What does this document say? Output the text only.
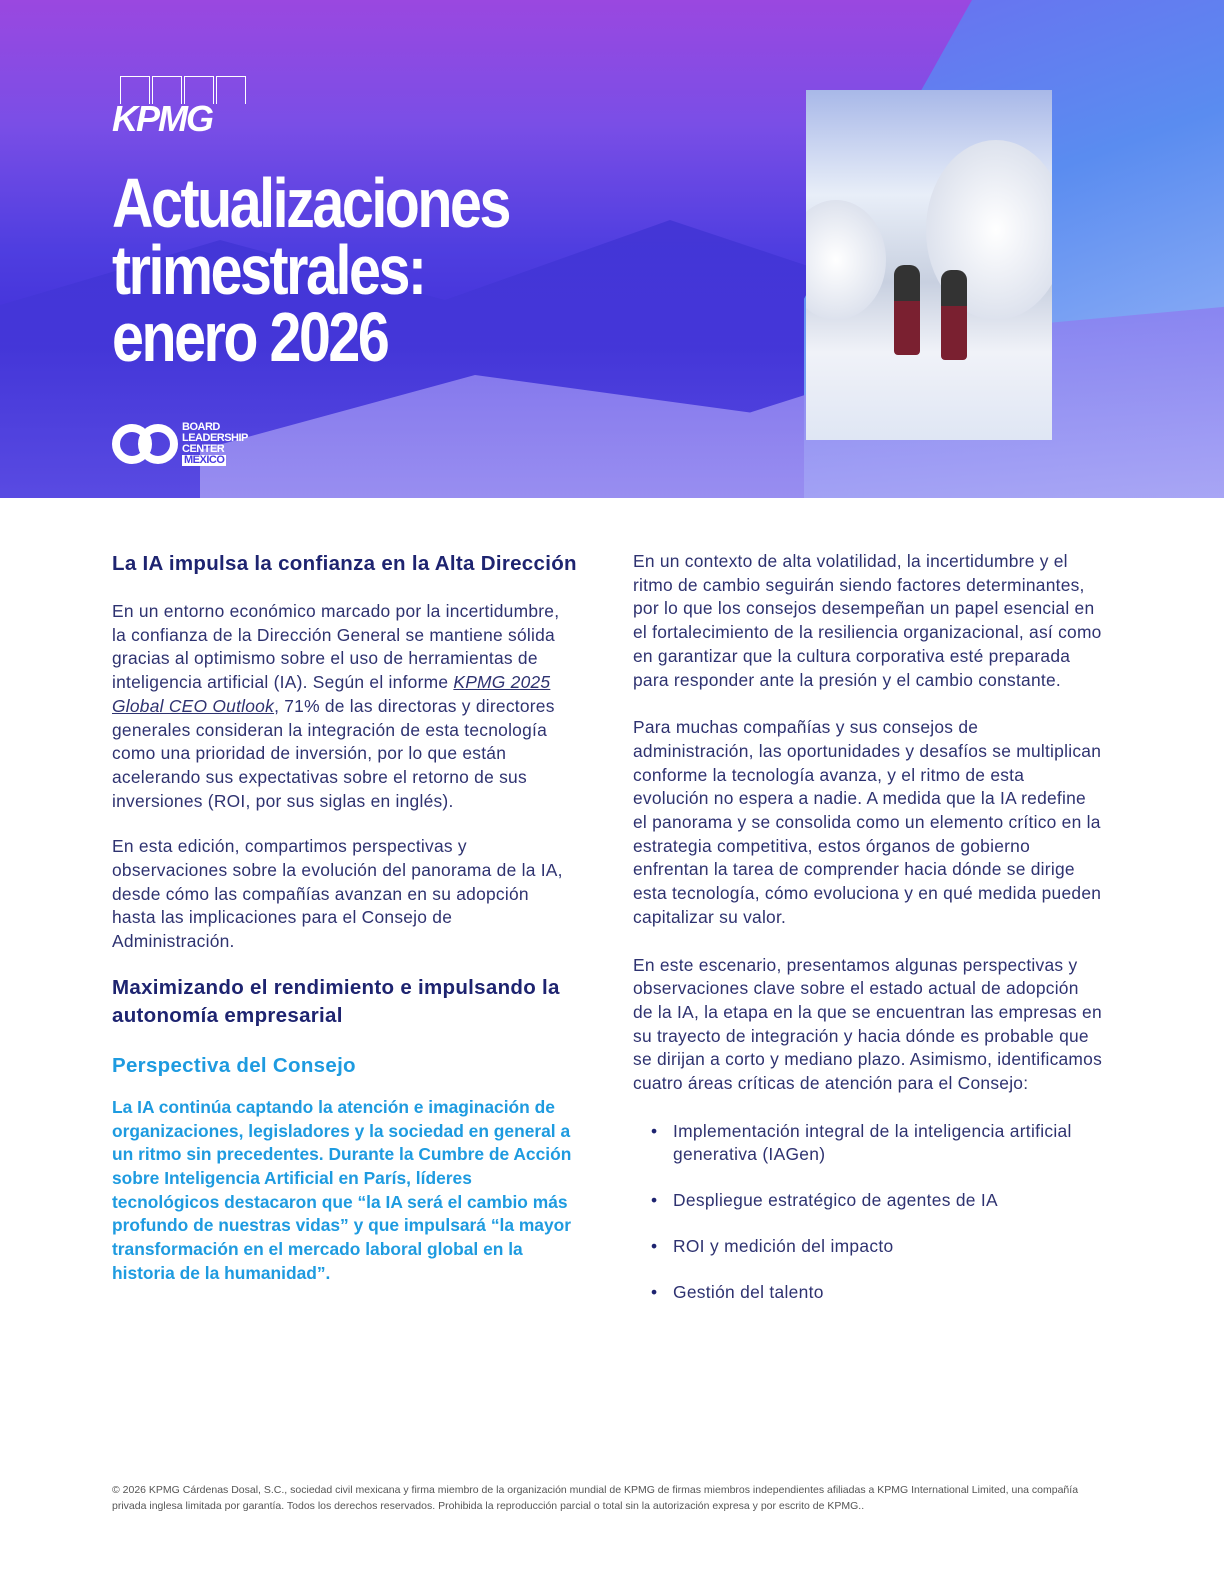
KPMG
Actualizaciones
trimestrales:
enero 2026
BOARD
LEADERSHIP
CENTER
MEXICO
La IA impulsa la confianza en la Alta Dirección

En un entorno económico marcado por la incertidumbre, la confianza de la Dirección General se mantiene sólida gracias al optimismo sobre el uso de herramientas de inteligencia artificial (IA). Según el informe KPMG 2025 Global CEO Outlook, 71% de las directoras y directores generales consideran la integración de esta tecnología como una prioridad de inversión, por lo que están acelerando sus expectativas sobre el retorno de sus inversiones (ROI, por sus siglas en inglés).

En esta edición, compartimos perspectivas y observaciones sobre la evolución del panorama de la IA, desde cómo las compañías avanzan en su adopción hasta las implicaciones para el Consejo de Administración.

Maximizando el rendimiento e impulsando la autonomía empresarial
Perspectiva del Consejo

La IA continúa captando la atención e imaginación de organizaciones, legisladores y la sociedad en general a un ritmo sin precedentes. Durante la Cumbre de Acción sobre Inteligencia Artificial en París, líderes tecnológicos destacaron que “la IA será el cambio más profundo de nuestras vidas” y que impulsará “la mayor transformación en el mercado laboral global en la historia de la humanidad”.

En un contexto de alta volatilidad, la incertidumbre y el ritmo de cambio seguirán siendo factores determinantes, por lo que los consejos desempeñan un papel esencial en el fortalecimiento de la resiliencia organizacional, así como en garantizar que la cultura corporativa esté preparada para responder ante la presión y el cambio constante.

Para muchas compañías y sus consejos de administración, las oportunidades y desafíos se multiplican conforme la tecnología avanza, y el ritmo de esta evolución no espera a nadie. A medida que la IA redefine el panorama y se consolida como un elemento crítico en la estrategia competitiva, estos órganos de gobierno enfrentan la tarea de comprender hacia dónde se dirige esta tecnología, cómo evoluciona y en qué medida pueden capitalizar su valor.

En este escenario, presentamos algunas perspectivas y observaciones clave sobre el estado actual de adopción de la IA, la etapa en la que se encuentran las empresas en su trayecto de integración y hacia dónde es probable que se dirijan a corto y mediano plazo. Asimismo, identificamos cuatro áreas críticas de atención para el Consejo:

• Implementación integral de la inteligencia artificial generativa (IAGen)
• Despliegue estratégico de agentes de IA
• ROI y medición del impacto
• Gestión del talento
© 2026 KPMG Cárdenas Dosal, S.C., sociedad civil mexicana y firma miembro de la organización mundial de KPMG de firmas miembros independientes afiliadas a KPMG International Limited, una compañía privada inglesa limitada por garantía. Todos los derechos reservados. Prohibida la reproducción parcial o total sin la autorización expresa y por escrito de KPMG..
